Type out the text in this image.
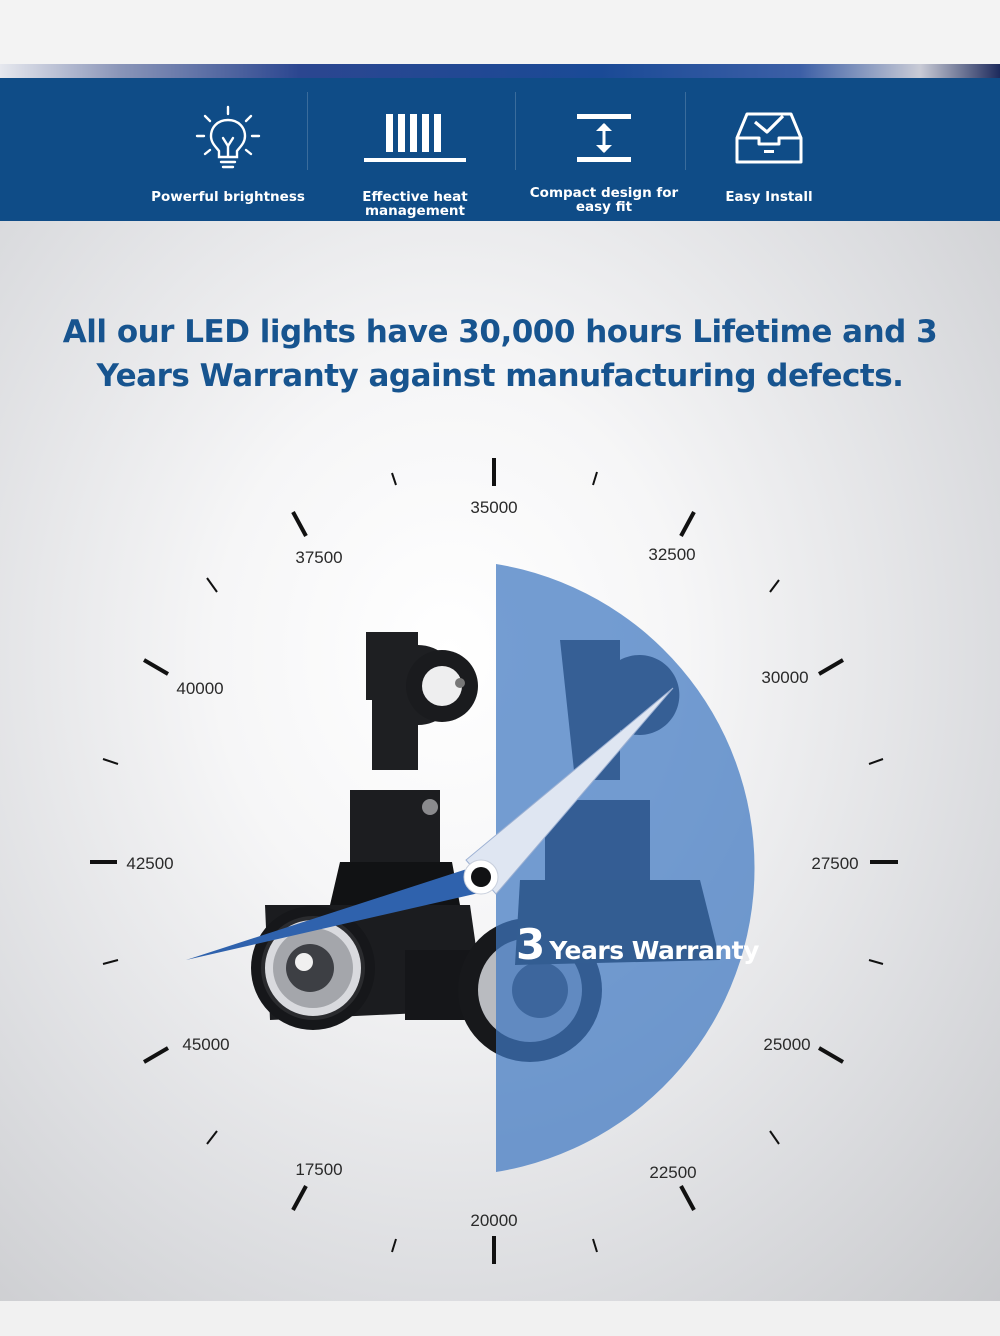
Powerful brightness	Effective heat management
Compact design for
easy fit
Easy Install
All our LED lights have 30,000 hours Lifetime and 3
Years Warranty against manufacturing defects.
35000
32500
30000
27500
25000
22500
20000
17500
45000
42500
40000
37500
3 Years Warranty
